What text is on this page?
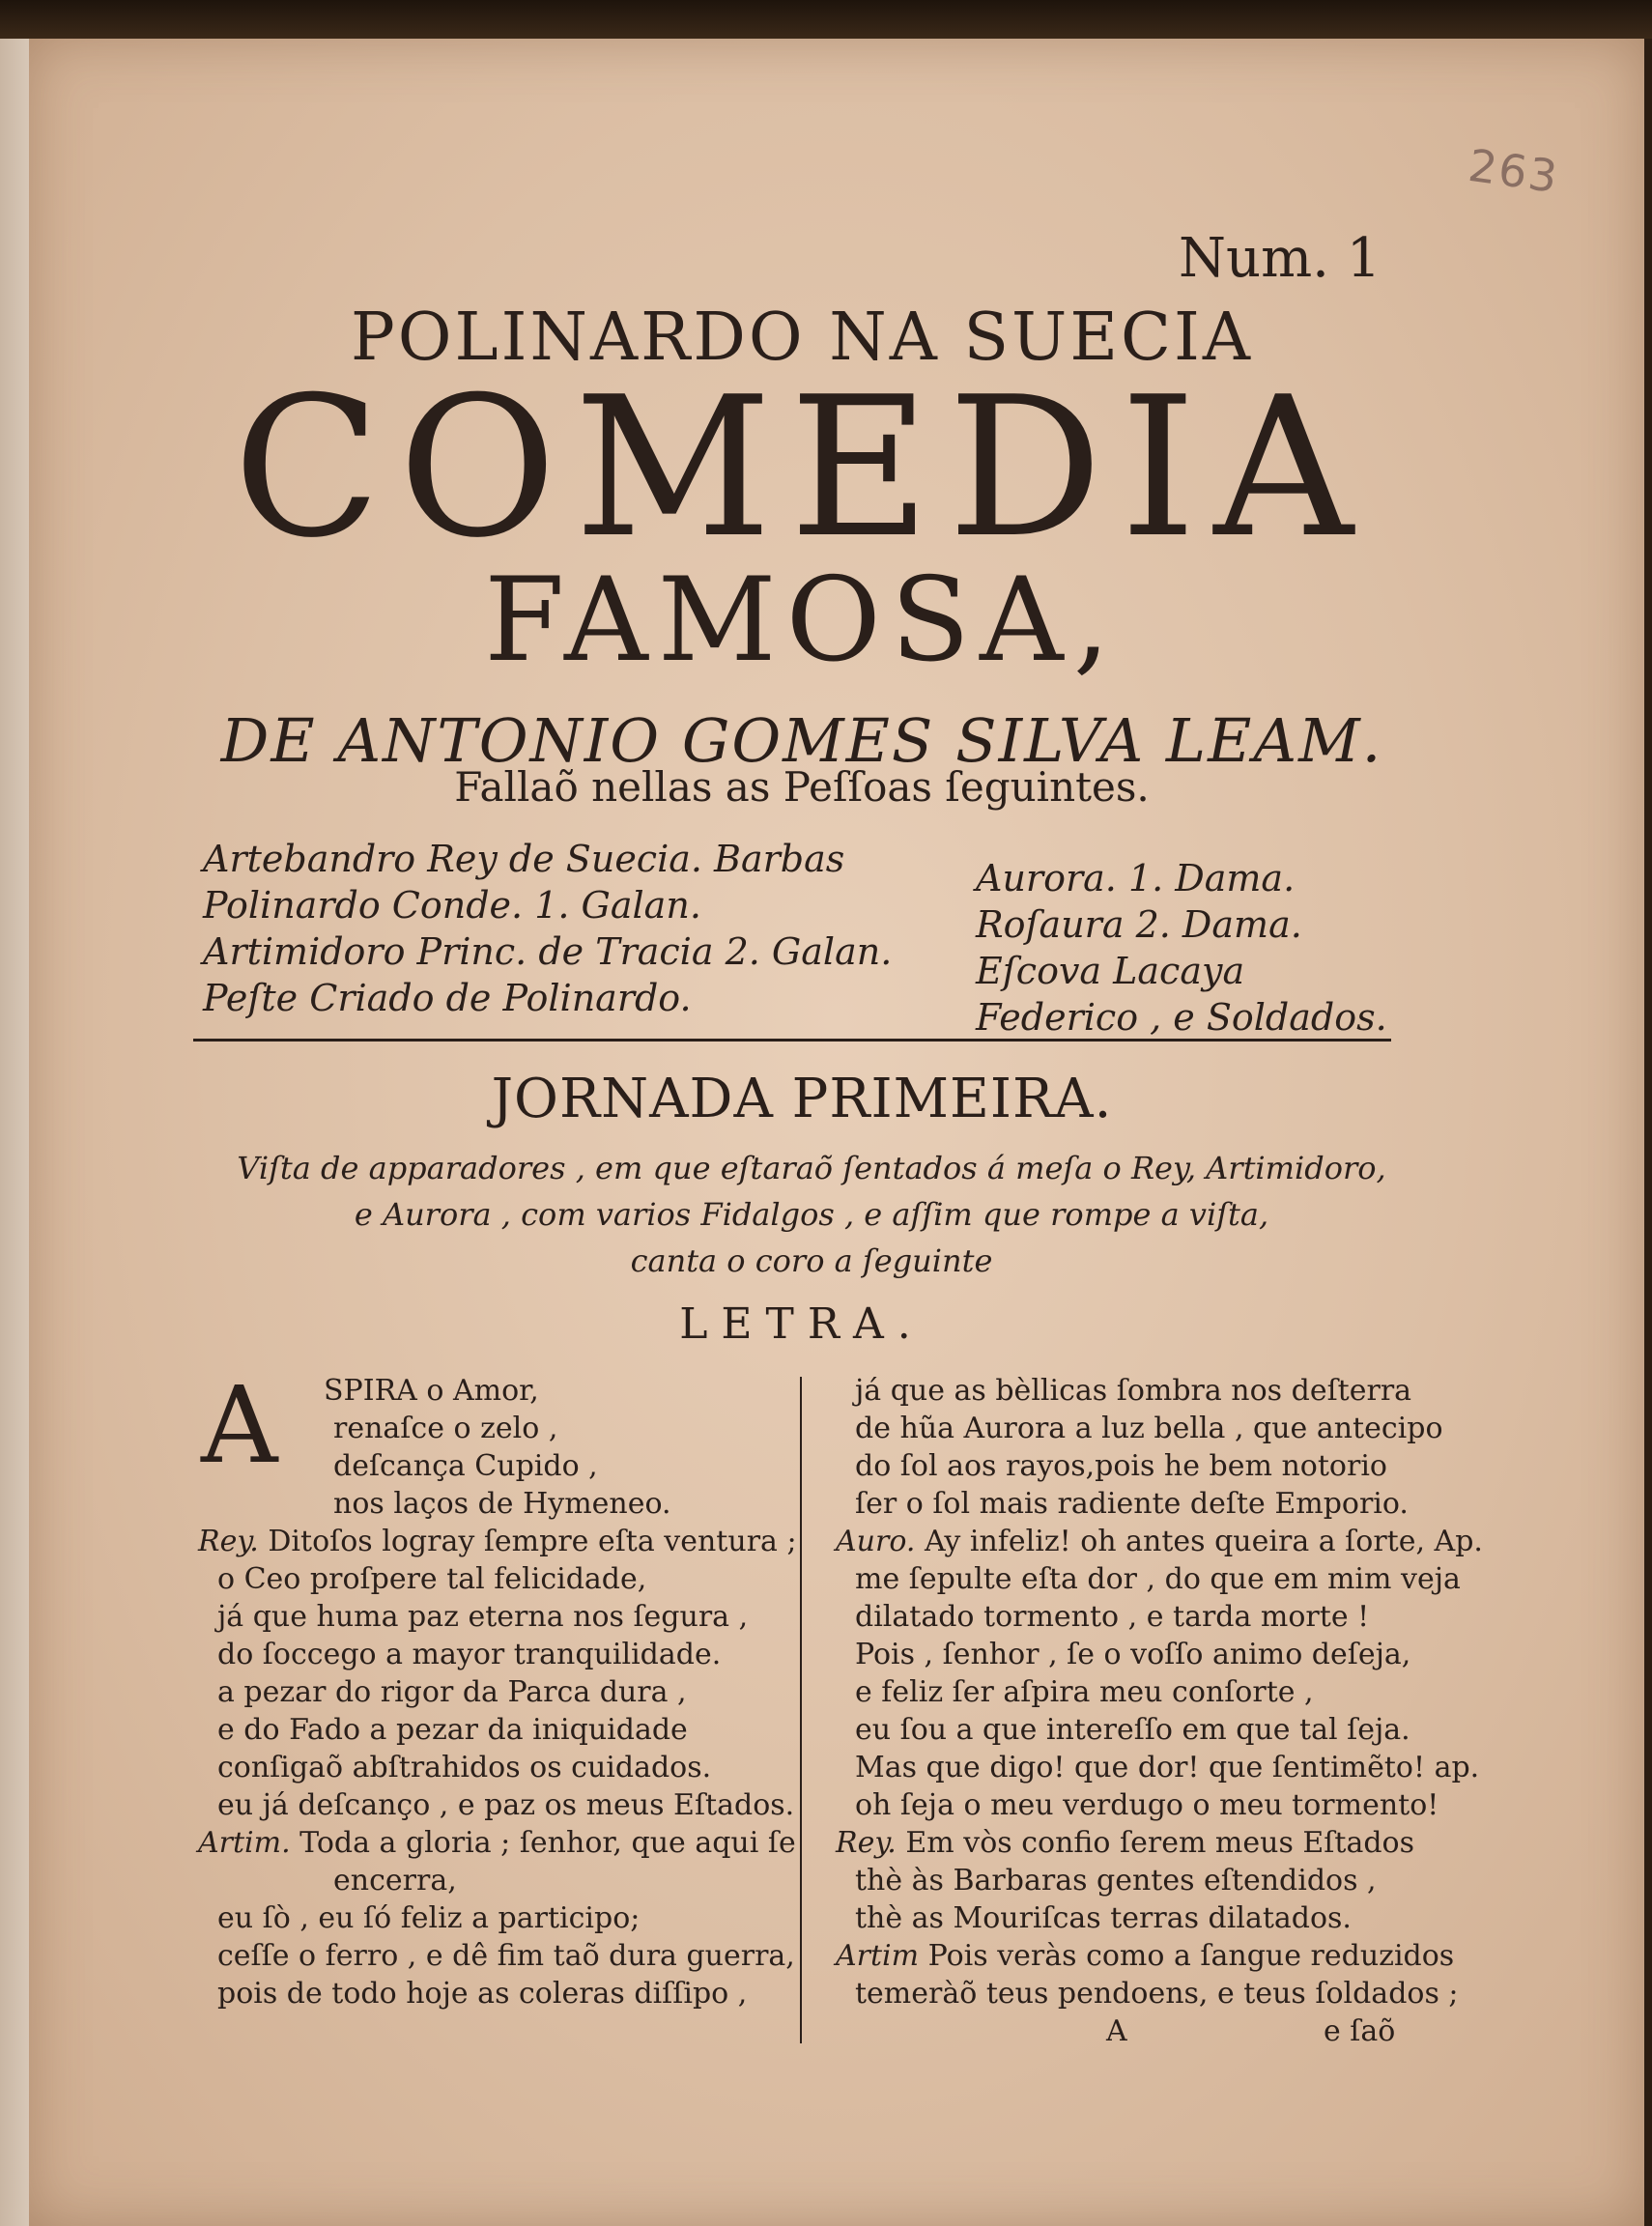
263
Num. 1
POLINARDO NA SUECIA
COMEDIA
FAMOSA,
DE ANTONIO GOMES SILVA LEAM.
Fallaõ nellas as Peſſoas ſeguintes.
Artebandro Rey de Suecia. Barbas
Polinardo Conde. 1. Galan.
Artimidoro Princ. de Tracia 2. Galan.
Peſte Criado de Polinardo.
Aurora. 1. Dama.
Roſaura 2. Dama.
Eſcova Lacaya
Federico , e Soldados.
JORNADA PRIMEIRA.
Viſta de apparadores , em que eſtaraõ ſentados á meſa o Rey, Artimidoro,
e Aurora , com varios Fidalgos , e aſſim que rompe a viſta,
canta o coro a ſeguinte
LETRA.
A	SPIRA o Amor,
renaſce o zelo ,
deſcança Cupido ,
nos laços de Hymeneo.
Rey. Ditoſos logray ſempre eſta ventura ;
o Ceo proſpere tal felicidade,
já que huma paz eterna nos ſegura ,
do ſoccego a mayor tranquilidade.
a pezar do rigor da Parca dura ,
e do Fado a pezar da iniquidade
conſigaõ abſtrahidos os cuidados.
eu já deſcanço , e paz os meus Eſtados.
Artim. Toda a gloria ; ſenhor, que aqui ſe
encerra,
eu ſò , eu ſó feliz a participo;
ceſſe o ferro , e dê fim taõ dura guerra,
pois de todo hoje as coleras diſſipo ,
já que as bèllicas ſombra nos deſterra
de hũa Aurora a luz bella , que antecipo
do ſol aos rayos,pois he bem notorio
ſer o ſol mais radiente deſte Emporio.
Auro. Ay infeliz! oh antes queira a ſorte, Ap.
me ſepulte eſta dor , do que em mim veja
dilatado tormento , e tarda morte !
Pois , ſenhor , ſe o voſſo animo deſeja,
e feliz ſer aſpira meu conſorte ,
eu ſou a que intereſſo em que tal ſeja.
Mas que digo! que dor! que ſentimẽto! ap.
oh ſeja o meu verdugo o meu tormento!
Rey. Em vòs confio ſerem meus Eſtados
thè às Barbaras gentes eſtendidos ,
thè as Mouriſcas terras dilatados.
Artim Pois veràs como a ſangue reduzidos
temeràõ teus pendoens, e teus ſoldados ;
A	e ſaõ
